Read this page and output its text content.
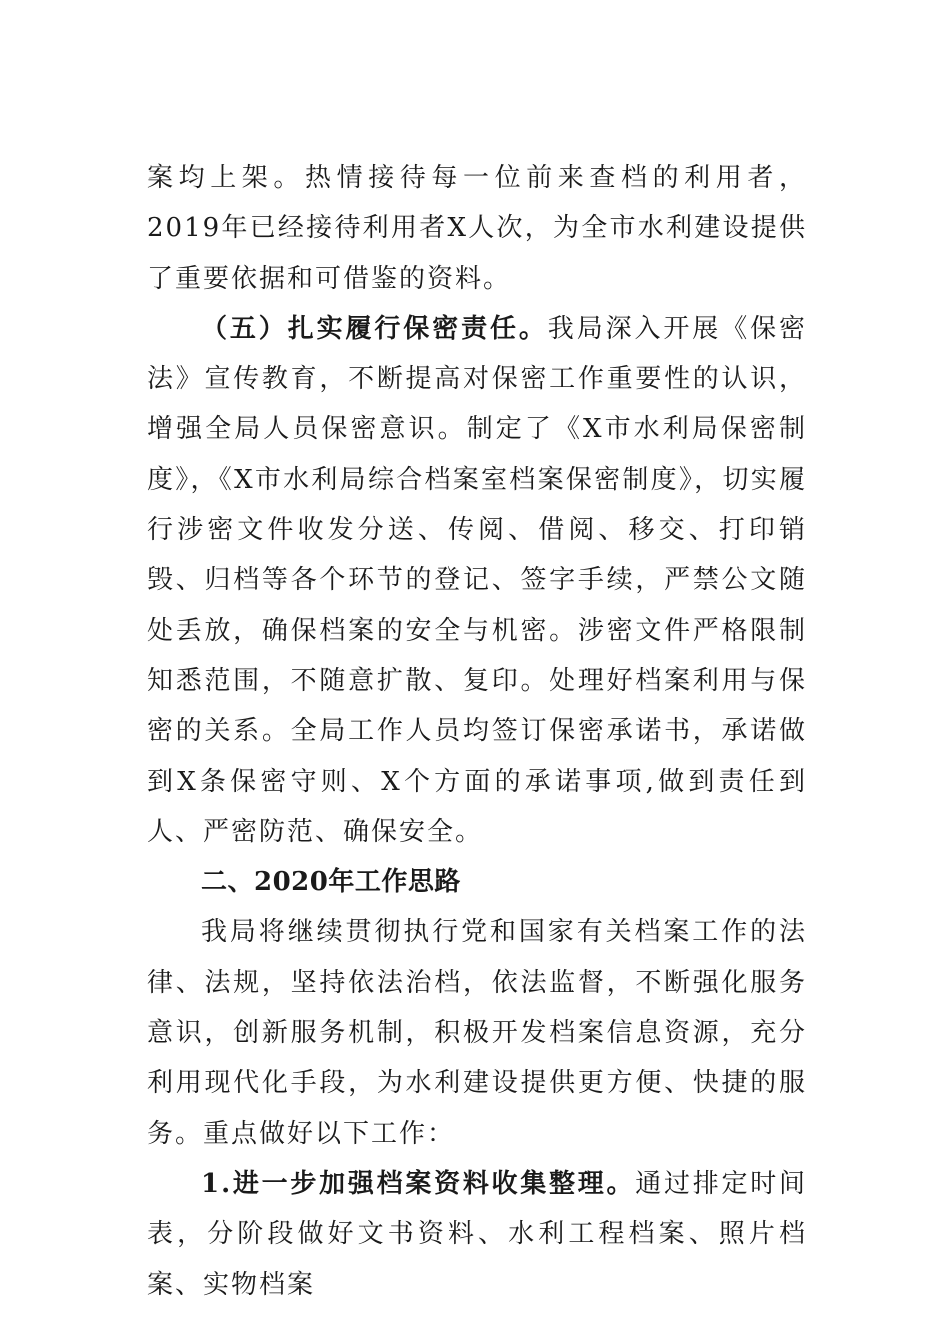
案均上架。热情接待每一位前来查档的利用者，2019年已经接待利用者X人次，为全市水利建设提供了重要依据和可借鉴的资料。

（五）扎实履行保密责任。我局深入开展《保密法》宣传教育，不断提高对保密工作重要性的认识，增强全局人员保密意识。制定了《X市水利局保密制度》，《X市水利局综合档案室档案保密制度》，切实履行涉密文件收发分送、传阅、借阅、移交、打印销毁、归档等各个环节的登记、签字手续，严禁公文随处丢放，确保档案的安全与机密。涉密文件严格限制知悉范围，不随意扩散、复印。处理好档案利用与保密的关系。全局工作人员均签订保密承诺书，承诺做到X条保密守则、X个方面的承诺事项,做到责任到人、严密防范、确保安全。

二、2020年工作思路

我局将继续贯彻执行党和国家有关档案工作的法律、法规，坚持依法治档，依法监督，不断强化服务意识，创新服务机制，积极开发档案信息资源，充分利用现代化手段，为水利建设提供更方便、快捷的服务。重点做好以下工作：

1.进一步加强档案资料收集整理。通过排定时间表，分阶段做好文书资料、水利工程档案、照片档案、实物档案
